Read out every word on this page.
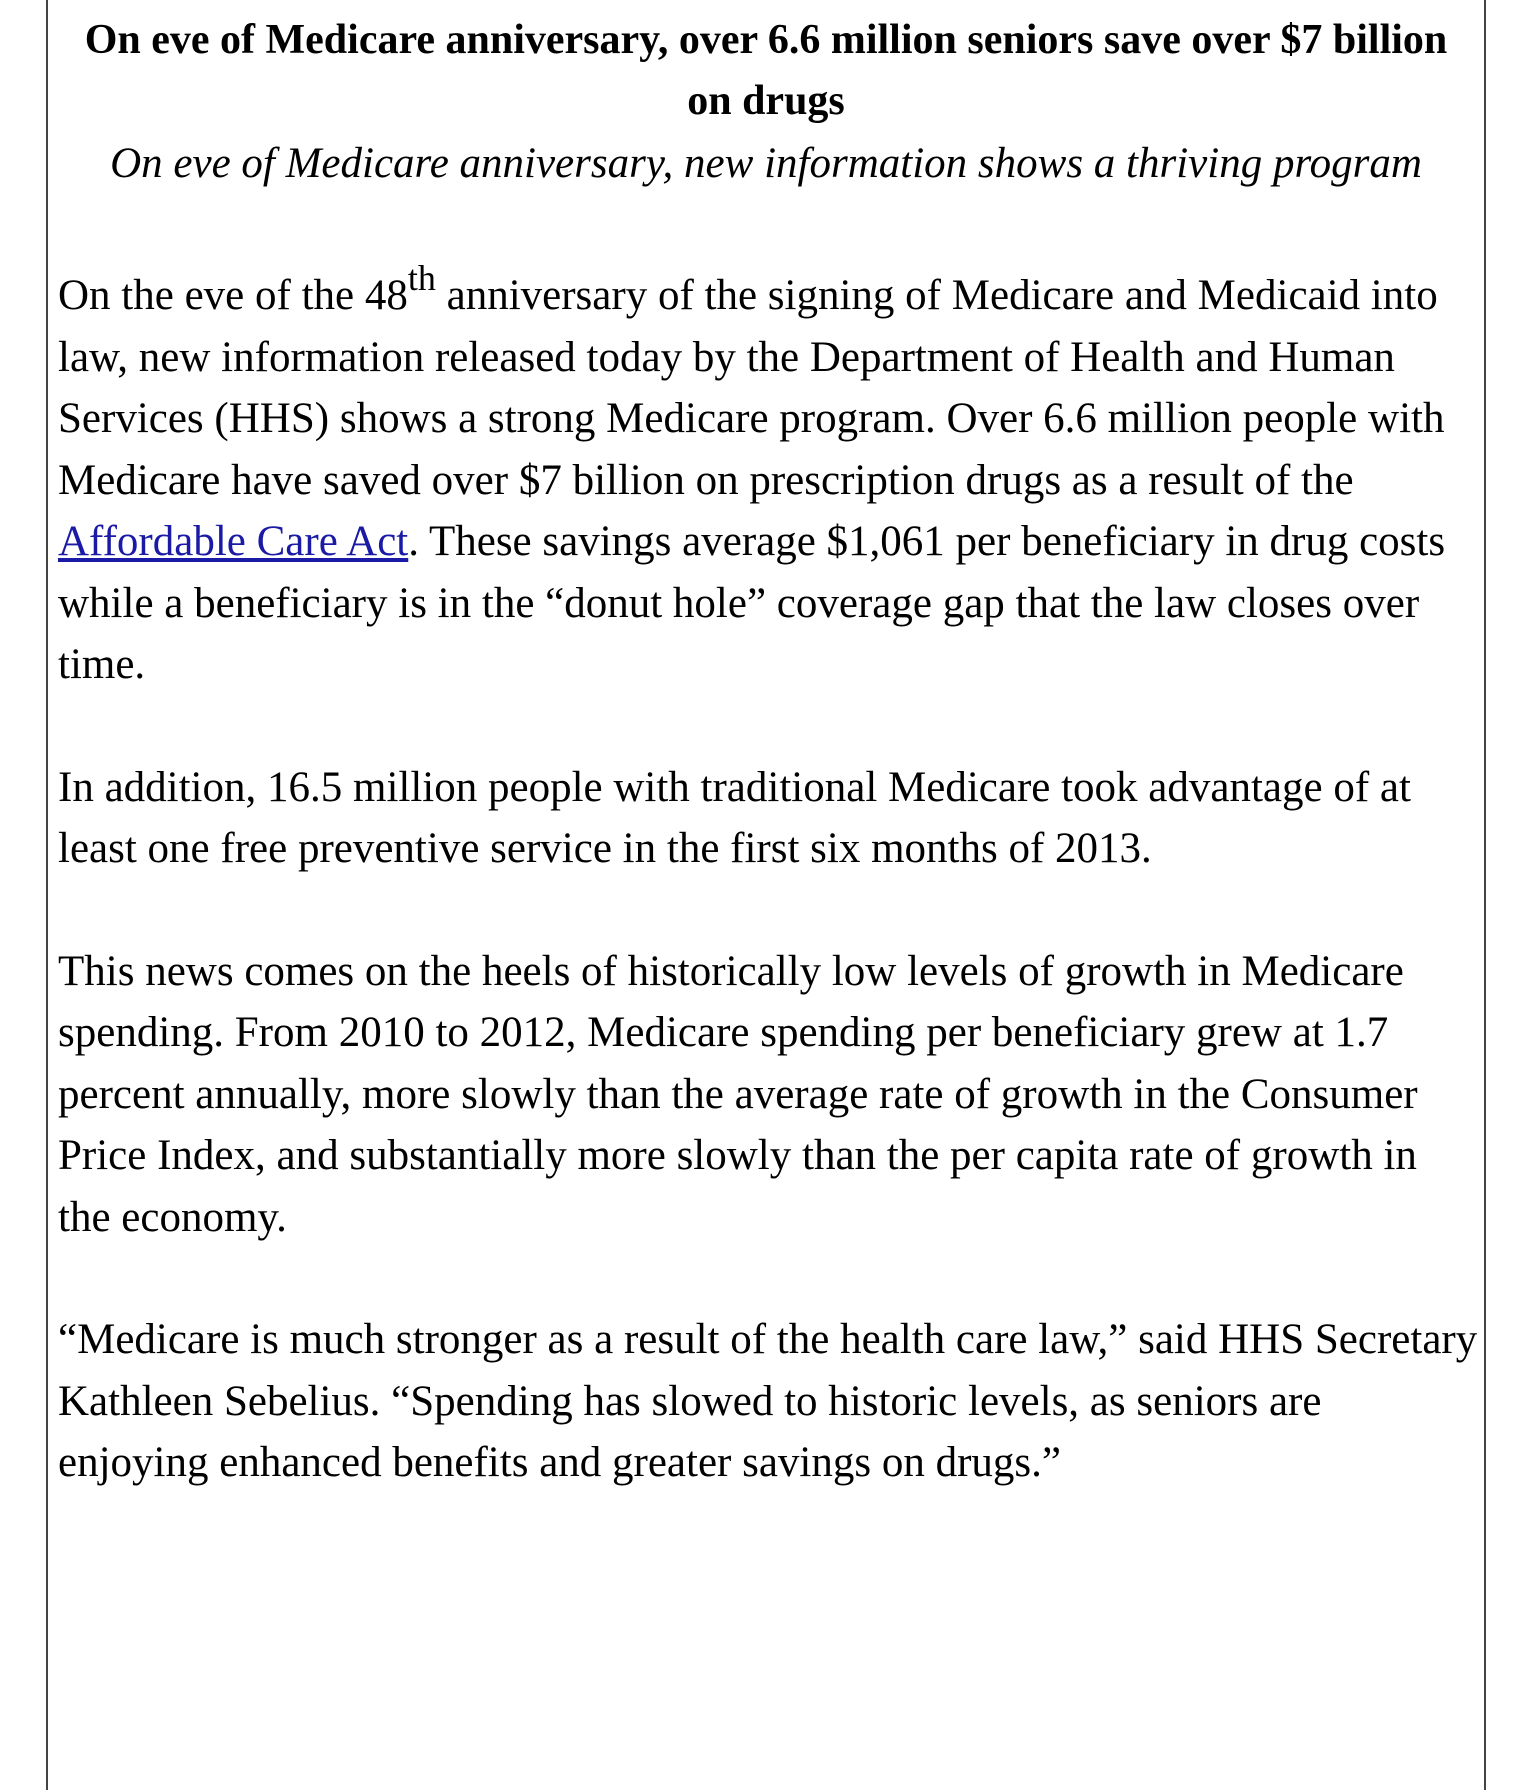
On eve of Medicare anniversary, over 6.6 million seniors save over $7 billion on drugs
On eve of Medicare anniversary, new information shows a thriving program

On the eve of the 48th anniversary of the signing of Medicare and Medicaid into law, new information released today by the Department of Health and Human Services (HHS) shows a strong Medicare program. Over 6.6 million people with Medicare have saved over $7 billion on prescription drugs as a result of the Affordable Care Act. These savings average $1,061 per beneficiary in drug costs while a beneficiary is in the “donut hole” coverage gap that the law closes over time.

In addition, 16.5 million people with traditional Medicare took advantage of at least one free preventive service in the first six months of 2013.

This news comes on the heels of historically low levels of growth in Medicare spending. From 2010 to 2012, Medicare spending per beneficiary grew at 1.7 percent annually, more slowly than the average rate of growth in the Consumer Price Index, and substantially more slowly than the per capita rate of growth in the economy.

“Medicare is much stronger as a result of the health care law,” said HHS Secretary Kathleen Sebelius. “Spending has slowed to historic levels, as seniors are enjoying enhanced benefits and greater savings on drugs.”
